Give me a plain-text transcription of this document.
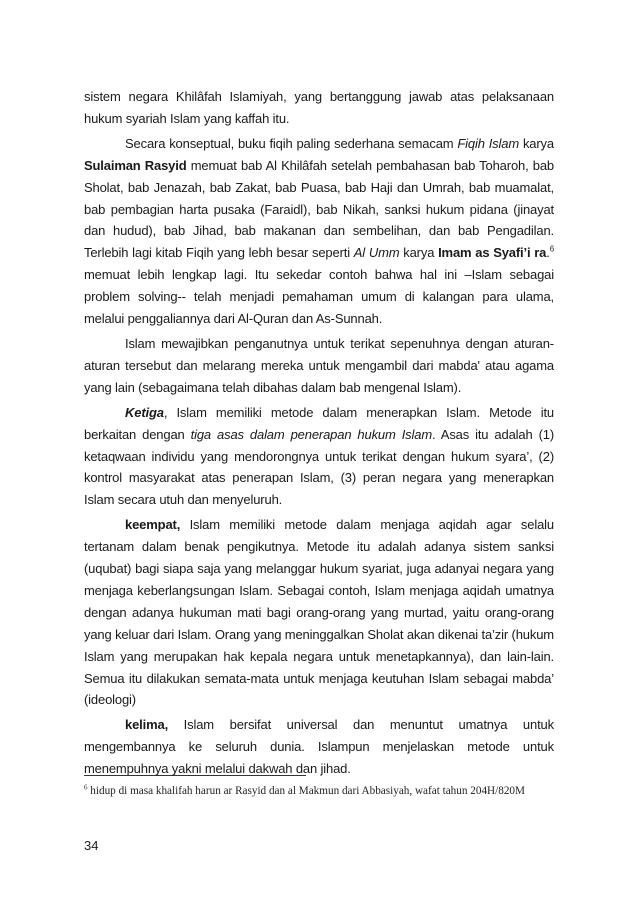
sistem negara Khilâfah Islamiyah, yang bertanggung jawab atas pelaksanaan hukum syariah Islam yang kaffah itu.

Secara konseptual, buku fiqih paling sederhana semacam Fiqih Islam karya Sulaiman Rasyid memuat bab Al Khilâfah setelah pembahasan bab Toharoh, bab Sholat, bab Jenazah, bab Zakat, bab Puasa, bab Haji dan Umrah, bab muamalat, bab pembagian harta pusaka (Faraidl), bab Nikah, sanksi hukum pidana (jinayat dan hudud), bab Jihad, bab makanan dan sembelihan, dan bab Pengadilan. Terlebih lagi kitab Fiqih yang lebh besar seperti Al Umm karya Imam as Syafi’i ra.$^6$ memuat lebih lengkap lagi. Itu sekedar contoh bahwa hal ini –Islam sebagai problem solving-- telah menjadi pemahaman umum di kalangan para ulama, melalui penggaliannya dari Al-Quran dan As-Sunnah.

Islam mewajibkan penganutnya untuk terikat sepenuhnya dengan aturan-aturan tersebut dan melarang mereka untuk mengambil dari mabda' atau agama yang lain (sebagaimana telah dibahas dalam bab mengenal Islam).

Ketiga, Islam memiliki metode dalam menerapkan Islam. Metode itu berkaitan dengan tiga asas dalam penerapan hukum Islam. Asas itu adalah (1) ketaqwaan individu yang mendorongnya untuk terikat dengan hukum syara’, (2) kontrol masyarakat atas penerapan Islam, (3) peran negara yang menerapkan Islam secara utuh dan menyeluruh.

keempat, Islam memiliki metode dalam menjaga aqidah agar selalu tertanam dalam benak pengikutnya. Metode itu adalah adanya sistem sanksi (uqubat) bagi siapa saja yang melanggar hukum syariat, juga adanyai negara yang menjaga keberlangsungan Islam. Sebagai contoh, Islam menjaga aqidah umatnya dengan adanya hukuman mati bagi orang-orang yang murtad, yaitu orang-orang yang keluar dari Islam. Orang yang meninggalkan Sholat akan dikenai ta’zir (hukum Islam yang merupakan hak kepala negara untuk menetapkannya), dan lain-lain. Semua itu dilakukan semata-mata untuk menjaga keutuhan Islam sebagai mabda’ (ideologi)

kelima, Islam bersifat universal dan menuntut umatnya untuk mengembannya ke seluruh dunia. Islampun menjelaskan metode untuk menempuhnya yakni melalui dakwah dan jihad.

$^6$ hidup di masa khalifah harun ar Rasyid dan al Makmun dari Abbasiyah, wafat tahun 204H/820M
34
